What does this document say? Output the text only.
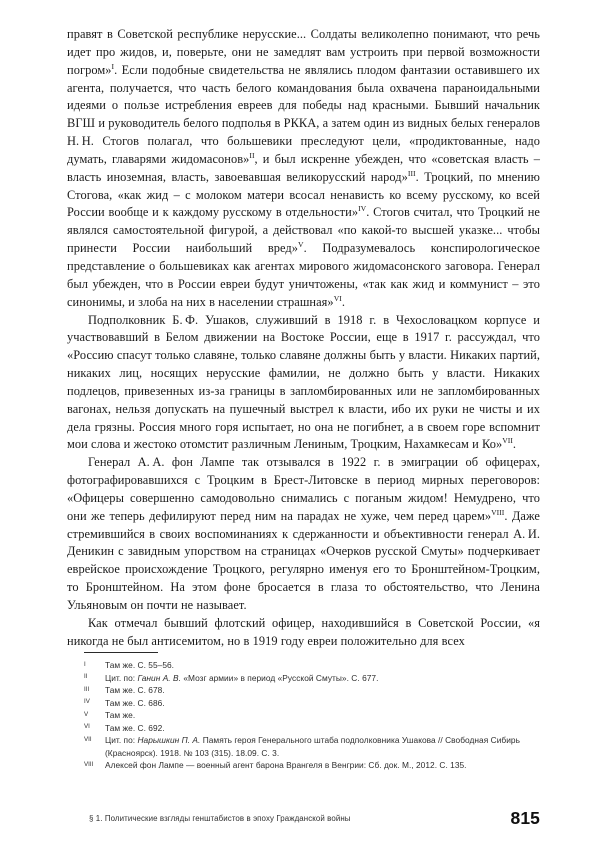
правят в Советской республике нерусские... Солдаты великолепно понимают, что речь идет про жидов, и, поверьте, они не замедлят вам устроить при первой возможности погром»$^I$. Если подобные свидетельства не являлись плодом фантазии оставившего их агента, получается, что часть белого командования была охвачена параноидальными идеями о пользе истребления евреев для победы над красными. Бывший начальник ВГШ и руководитель белого подполья в РККА, а затем один из видных белых генералов Н. Н. Стогов полагал, что большевики преследуют цели, «продиктованные, надо думать, главарями жидомасонов»$^{II}$, и был искренне убежден, что «советская власть – власть иноземная, власть, завоевавшая великорусский народ»$^{III}$. Троцкий, по мнению Стогова, «как жид – с молоком матери всосал ненависть ко всему русскому, ко всей России вообще и к каждому русскому в отдельности»$^{IV}$. Стогов считал, что Троцкий не являлся самостоятельной фигурой, а действовал «по какой-то высшей указке... чтобы принести России наибольший вред»$^V$. Подразумевалось конспирологическое представление о большевиках как агентах мирового жидомасонского заговора. Генерал был убежден, что в России евреи будут уничтожены, «так как жид и коммунист – это синонимы, и злоба на них в населении страшная»$^{VI}$.

Подполковник Б. Ф. Ушаков, служивший в 1918 г. в Чехословацком корпусе и участвовавший в Белом движении на Востоке России, еще в 1917 г. рассуждал, что «Россию спасут только славяне, только славяне должны быть у власти. Никаких партий, никаких лиц, носящих нерусские фамилии, не должно быть у власти. Никаких подлецов, привезенных из-за границы в запломбированных или не запломбированных вагонах, нельзя допускать на пушечный выстрел к власти, ибо их руки не чисты и их дела грязны. Россия много горя испытает, но она не погибнет, а в своем горе вспомнит мои слова и жестоко отомстит различным Лениным, Троцким, Нахамкесам и Ко»$^{VII}$.

Генерал А. А. фон Лампе так отзывался в 1922 г. в эмиграции об офицерах, фотографировавшихся с Троцким в Брест-Литовске в период мирных переговоров: «Офицеры совершенно самодовольно снимались с поганым жидом! Немудрено, что они же теперь дефилируют перед ним на парадах не хуже, чем перед царем»$^{VIII}$. Даже стремившийся в своих воспоминаниях к сдержанности и объективности генерал А. И. Деникин с завидным упорством на страницах «Очерков русской Смуты» подчеркивает еврейское происхождение Троцкого, регулярно именуя его то Бронштейном-Троцким, то Бронштейном. На этом фоне бросается в глаза то обстоятельство, что Ленина Ульяновым он почти не называет.

Как отмечал бывший флотский офицер, находившийся в Советской России, «я никогда не был антисемитом, но в 1919 году евреи положительно для всех

I Там же. С. 55–56.
II Цит. по: Ганин А. В. «Мозг армии» в период «Русской Смуты». С. 677.
III Там же. С. 678.
IV Там же. С. 686.
V Там же.
VI Там же. С. 692.
VII Цит. по: Нарышкин П. А. Память героя Генерального штаба подполковника Ушакова // Свободная Сибирь (Красноярск). 1918. № 103 (315). 18.09. С. 3.
VIII Алексей фон Лампе — военный агент барона Врангеля в Венгрии: Сб. док. М., 2012. С. 135.
§ 1. Политические взгляды генштабистов в эпоху Гражданской войны	815
